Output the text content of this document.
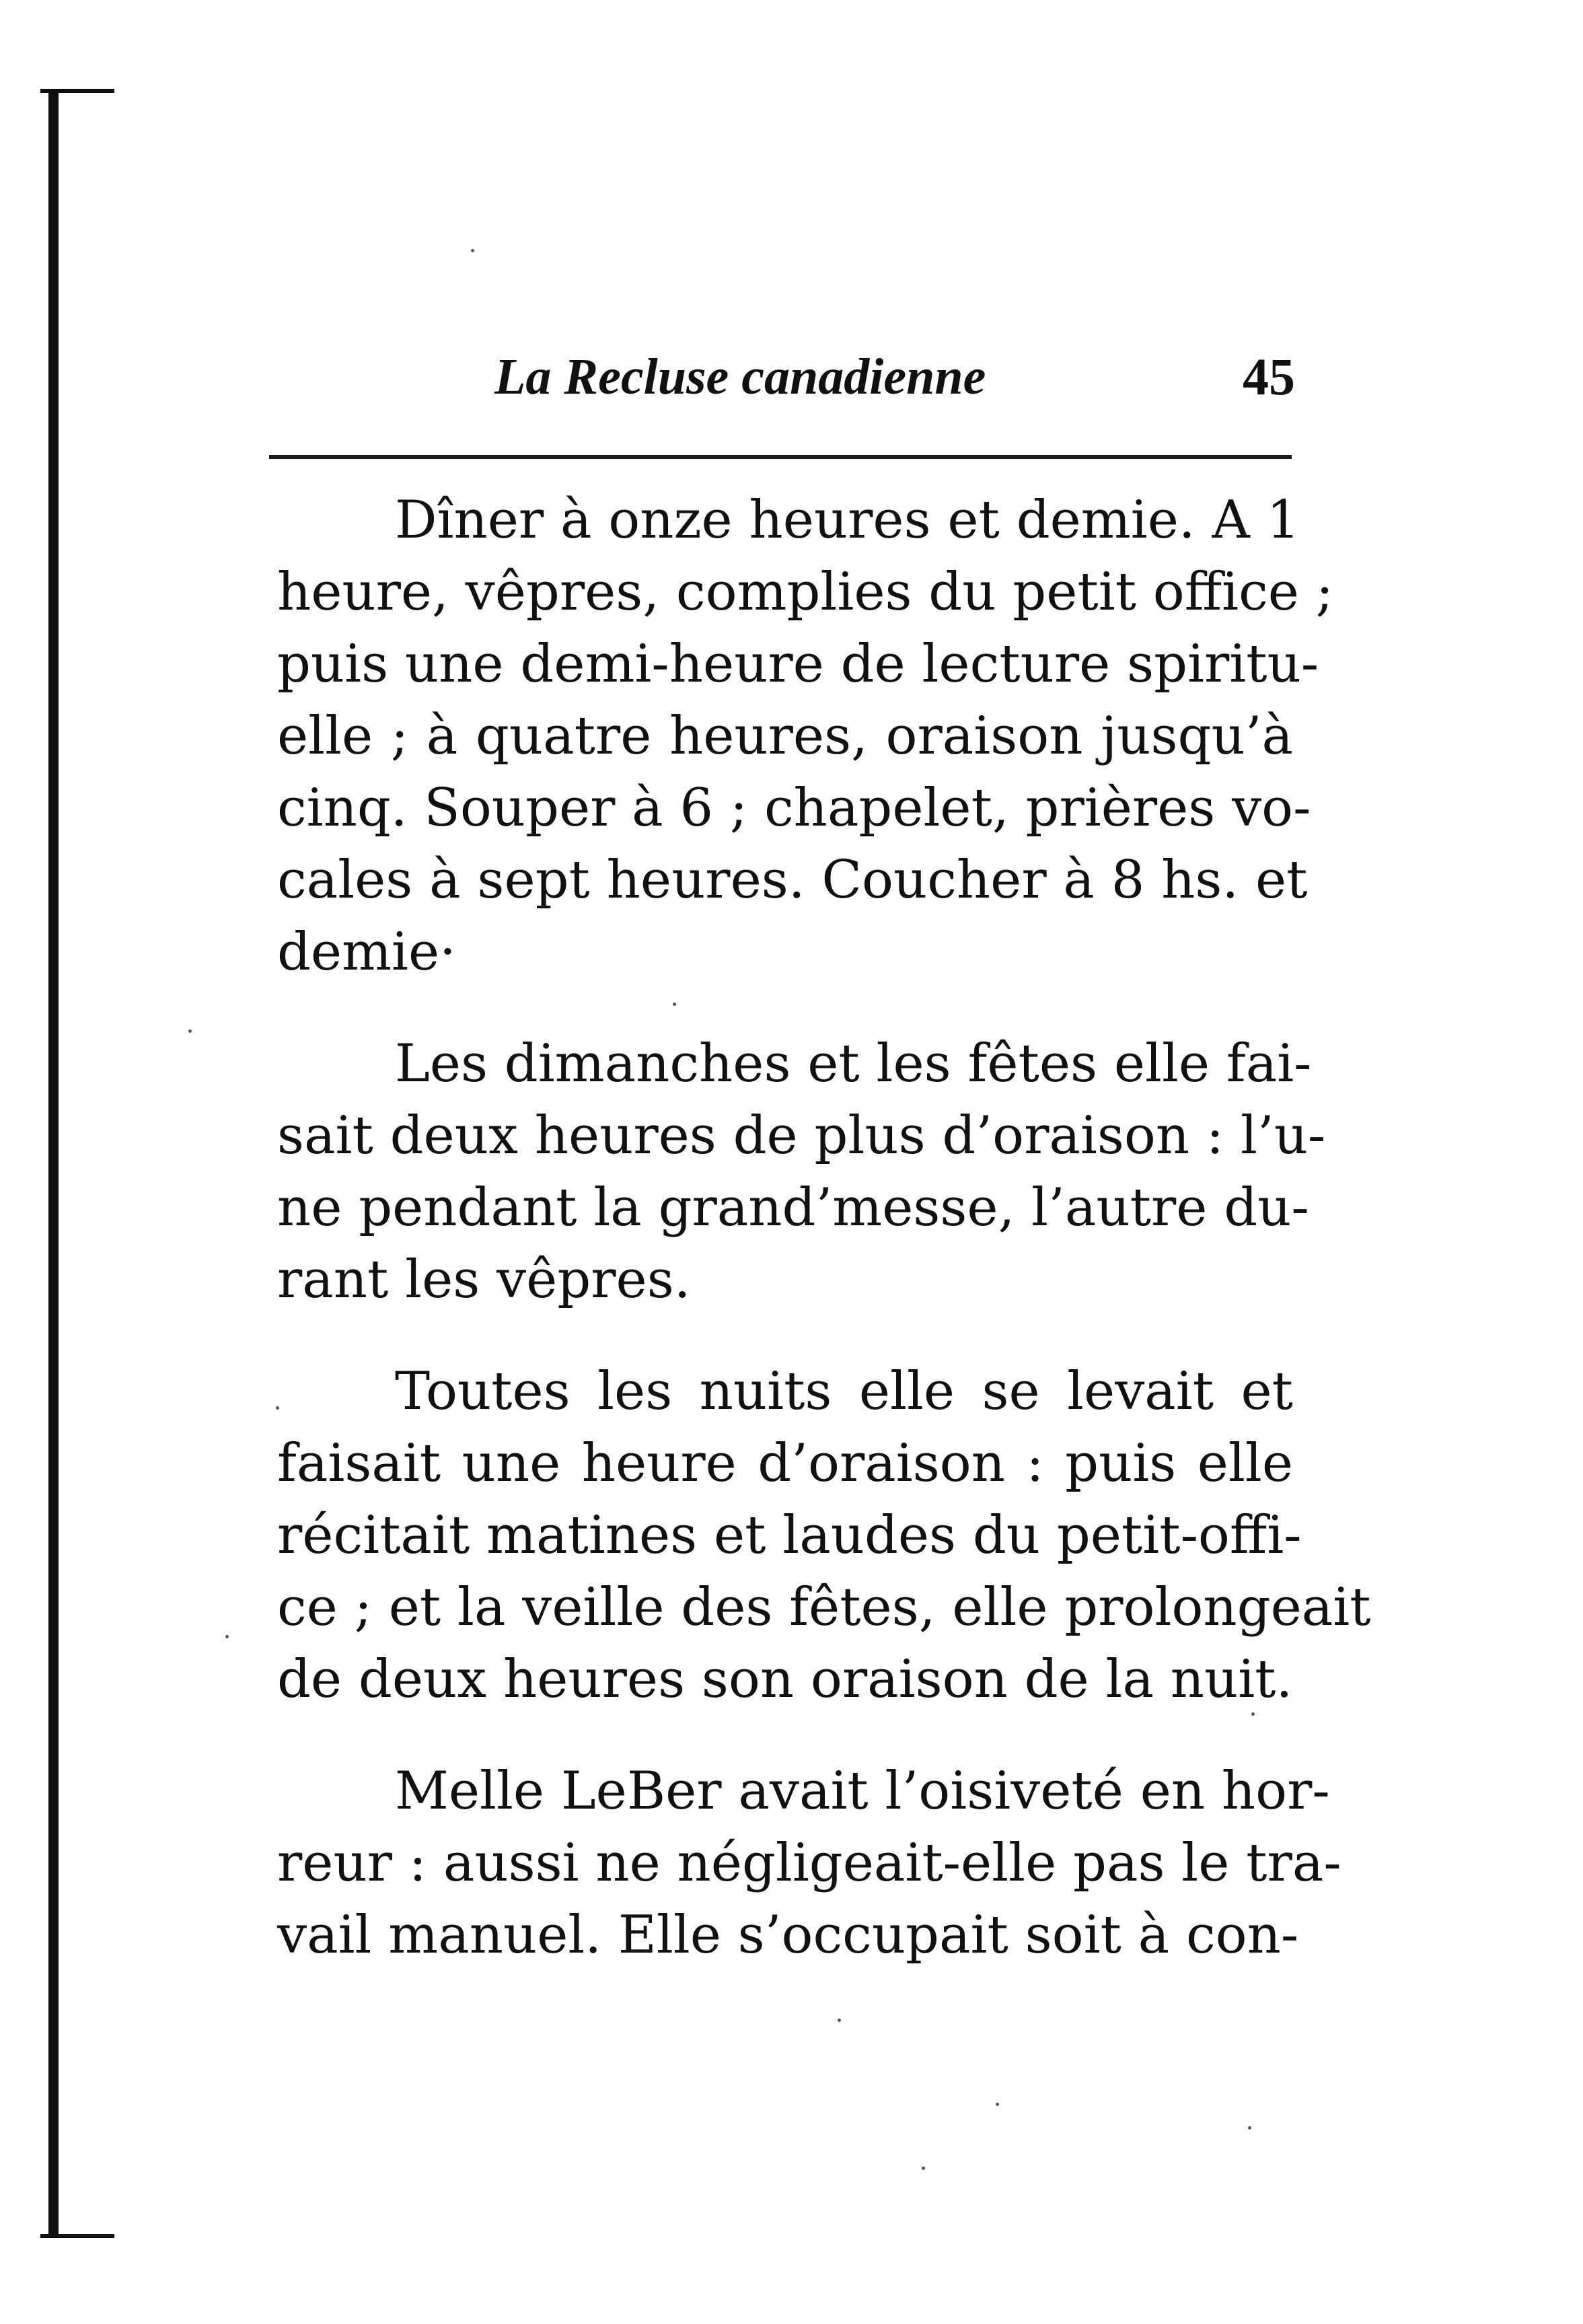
La Recluse canadienne	45

Dîner à onze heures et demie. A 1
heure, vêpres, complies du petit office ;
puis une demi-heure de lecture spiritu-
elle ; à quatre heures, oraison jusqu’à
cinq. Souper à 6 ; chapelet, prières vo-
cales à sept heures. Coucher à 8 hs. et
demie·

Les dimanches et les fêtes elle fai-
sait deux heures de plus d’oraison : l’u-
ne pendant la grand’messe, l’autre du-
rant les vêpres.

Toutes les nuits elle se levait et
faisait une heure d’oraison : puis elle
récitait matines et laudes du petit-offi-
ce ; et la veille des fêtes, elle prolongeait
de deux heures son oraison de la nuit.

Melle LeBer avait l’oisiveté en hor-
reur : aussi ne négligeait-elle pas le tra-
vail manuel. Elle s’occupait soit à con-
